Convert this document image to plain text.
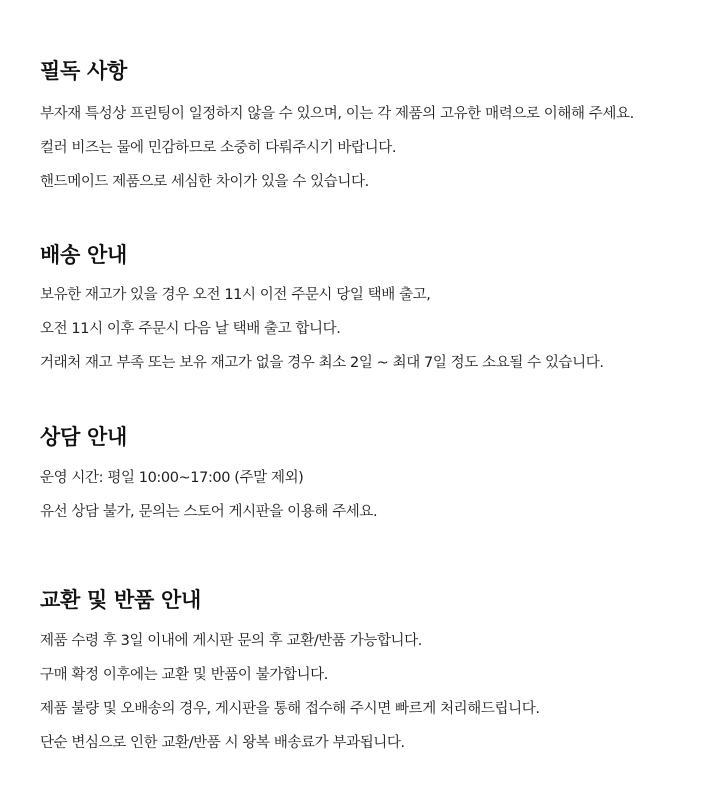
필독 사항
부자재 특성상 프린팅이 일정하지 않을 수 있으며, 이는 각 제품의 고유한 매력으로 이해해 주세요.
컬러 비즈는 물에 민감하므로 소중히 다뤄주시기 바랍니다.
핸드메이드 제품으로 세심한 차이가 있을 수 있습니다.
배송 안내
보유한 재고가 있을 경우 오전 11시 이전 주문시 당일 택배 출고,
오전 11시 이후 주문시 다음 날 택배 출고 합니다.
거래처 재고 부족 또는 보유 재고가 없을 경우 최소 2일 ~ 최대 7일 정도 소요될 수 있습니다.
상담 안내
운영 시간: 평일 10:00~17:00 (주말 제외)
유선 상담 불가, 문의는 스토어 게시판을 이용해 주세요.
교환 및 반품 안내
제품 수령 후 3일 이내에 게시판 문의 후 교환/반품 가능합니다.
구매 확정 이후에는 교환 및 반품이 불가합니다.
제품 불량 및 오배송의 경우, 게시판을 통해 접수해 주시면 빠르게 처리해드립니다.
단순 변심으로 인한 교환/반품 시 왕복 배송료가 부과됩니다.
